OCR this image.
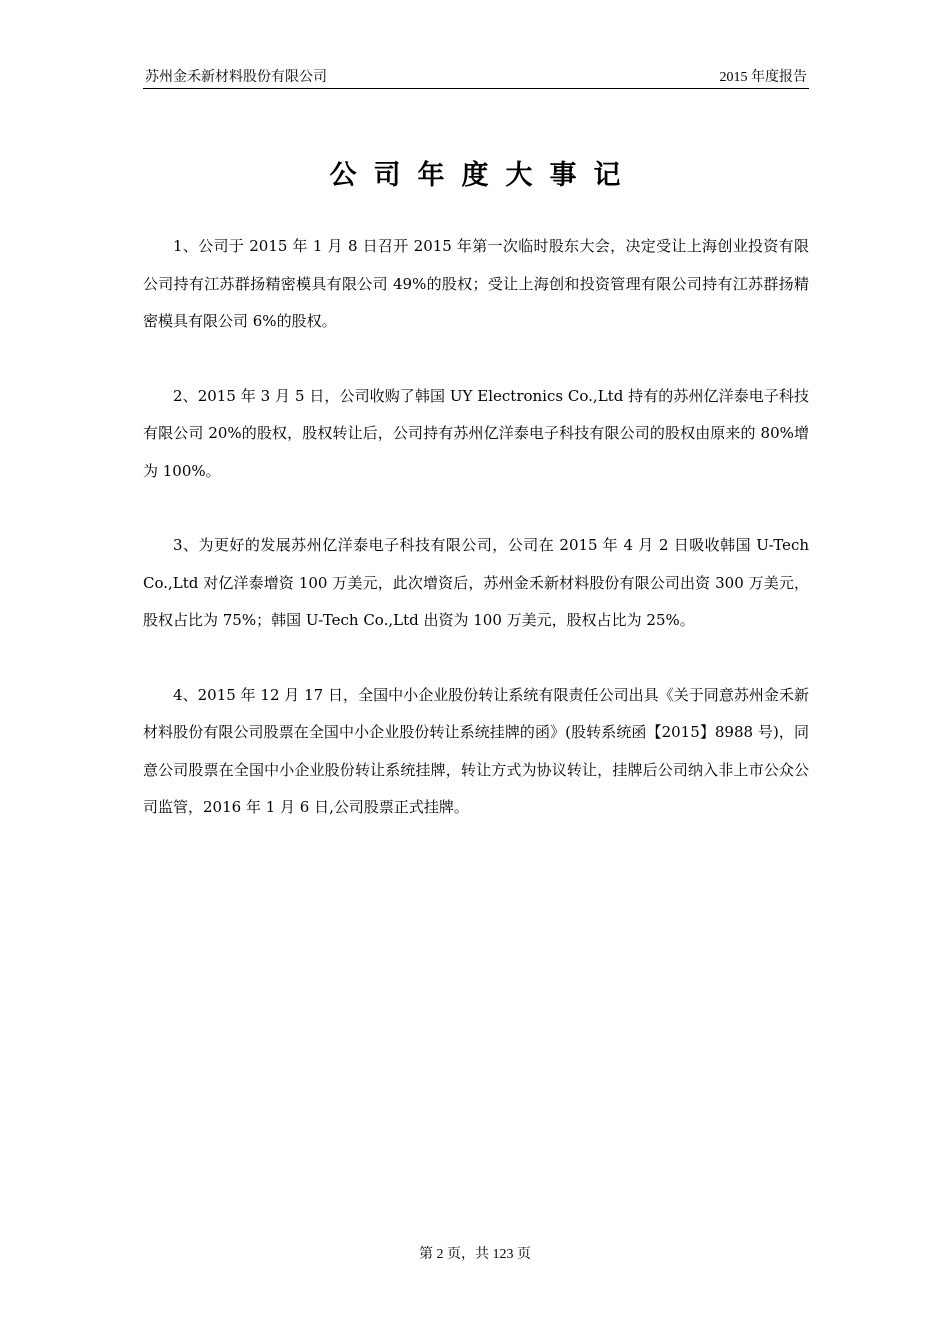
苏州金禾新材料股份有限公司	2015 年度报告
公司年度大事记

1、公司于 2015 年 1 月 8 日召开 2015 年第一次临时股东大会，决定受让上海创业投资有限公司持有江苏群扬精密模具有限公司 49%的股权；受让上海创和投资管理有限公司持有江苏群扬精密模具有限公司 6%的股权。

2、2015 年 3 月 5 日，公司收购了韩国 UY Electronics Co.,Ltd 持有的苏州亿洋泰电子科技有限公司 20%的股权，股权转让后，公司持有苏州亿洋泰电子科技有限公司的股权由原来的 80%增为 100%。

3、为更好的发展苏州亿洋泰电子科技有限公司，公司在 2015 年 4 月 2 日吸收韩国 U-Tech Co.,Ltd 对亿洋泰增资 100 万美元，此次增资后，苏州金禾新材料股份有限公司出资 300 万美元，股权占比为 75%；韩国 U-Tech Co.,Ltd 出资为 100 万美元，股权占比为 25%。

4、2015 年 12 月 17 日，全国中小企业股份转让系统有限责任公司出具《关于同意苏州金禾新材料股份有限公司股票在全国中小企业股份转让系统挂牌的函》(股转系统函【2015】8988 号)，同意公司股票在全国中小企业股份转让系统挂牌，转让方式为协议转让，挂牌后公司纳入非上市公众公司监管，2016 年 1 月 6 日,公司股票正式挂牌。

第 2 页，共 123 页
